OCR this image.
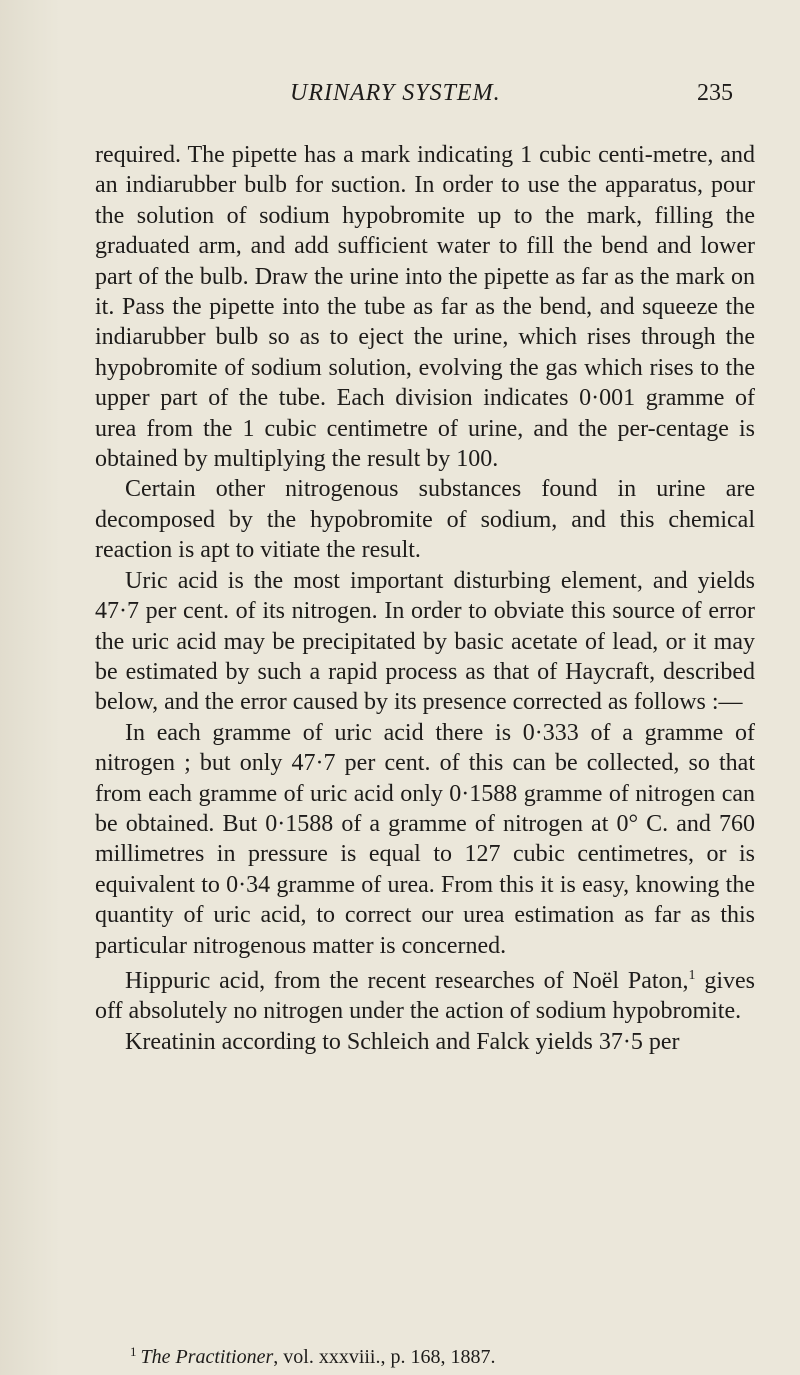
URINARY SYSTEM.	235

required. The pipette has a mark indicating 1 cubic centi-metre, and an indiarubber bulb for suction. In order to use the apparatus, pour the solution of sodium hypobromite up to the mark, filling the graduated arm, and add sufficient water to fill the bend and lower part of the bulb. Draw the urine into the pipette as far as the mark on it. Pass the pipette into the tube as far as the bend, and squeeze the indiarubber bulb so as to eject the urine, which rises through the hypobromite of sodium solution, evolving the gas which rises to the upper part of the tube. Each division indicates 0·001 gramme of urea from the 1 cubic centimetre of urine, and the per-centage is obtained by multiplying the result by 100.

Certain other nitrogenous substances found in urine are decomposed by the hypobromite of sodium, and this chemical reaction is apt to vitiate the result.

Uric acid is the most important disturbing element, and yields 47·7 per cent. of its nitrogen. In order to obviate this source of error the uric acid may be precipitated by basic acetate of lead, or it may be estimated by such a rapid process as that of Haycraft, described below, and the error caused by its presence corrected as follows :—

In each gramme of uric acid there is 0·333 of a gramme of nitrogen ; but only 47·7 per cent. of this can be collected, so that from each gramme of uric acid only 0·1588 gramme of nitrogen can be obtained. But 0·1588 of a gramme of nitrogen at 0° C. and 760 millimetres in pressure is equal to 127 cubic centimetres, or is equivalent to 0·34 gramme of urea. From this it is easy, knowing the quantity of uric acid, to correct our urea estimation as far as this particular nitrogenous matter is concerned.

Hippuric acid, from the recent researches of Noël Paton,$^1$ gives off absolutely no nitrogen under the action of sodium hypobromite.

Kreatinin according to Schleich and Falck yields 37·5 per

$^1$ The Practitioner, vol. xxxviii., p. 168, 1887.
